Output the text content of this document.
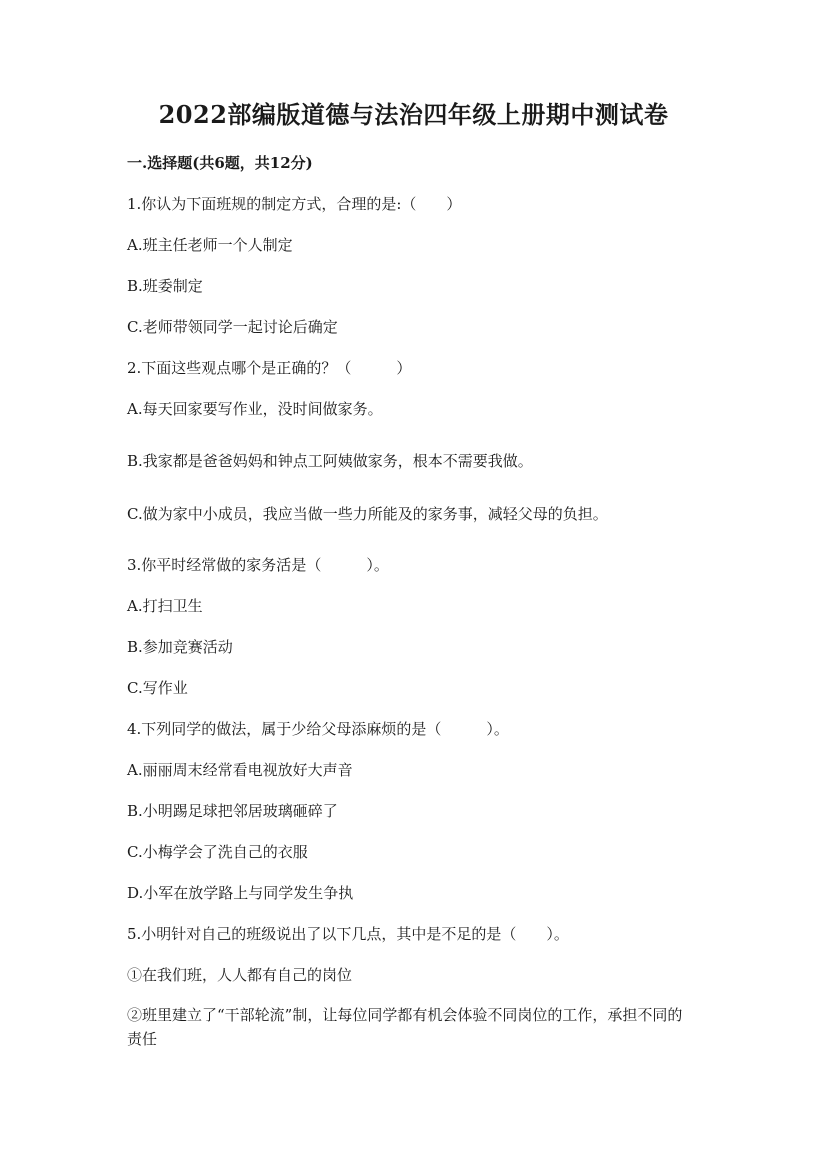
2022部编版道德与法治四年级上册期中测试卷
一.选择题(共6题，共12分)
1.你认为下面班规的制定方式，合理的是:（　　）
A.班主任老师一个人制定
B.班委制定
C.老师带领同学一起讨论后确定
2.下面这些观点哪个是正确的？（　　　）
A.每天回家要写作业，没时间做家务。
B.我家都是爸爸妈妈和钟点工阿姨做家务，根本不需要我做。
C.做为家中小成员，我应当做一些力所能及的家务事，减轻父母的负担。
3.你平时经常做的家务活是（　　　）。
A.打扫卫生
B.参加竞赛活动
C.写作业
4.下列同学的做法，属于少给父母添麻烦的是（　　　）。
A.丽丽周末经常看电视放好大声音
B.小明踢足球把邻居玻璃砸碎了
C.小梅学会了洗自己的衣服
D.小军在放学路上与同学发生争执
5.小明针对自己的班级说出了以下几点，其中是不足的是（　　）。
①在我们班，人人都有自己的岗位
②班里建立了“干部轮流”制，让每位同学都有机会体验不同岗位的工作，承担不同的责任
